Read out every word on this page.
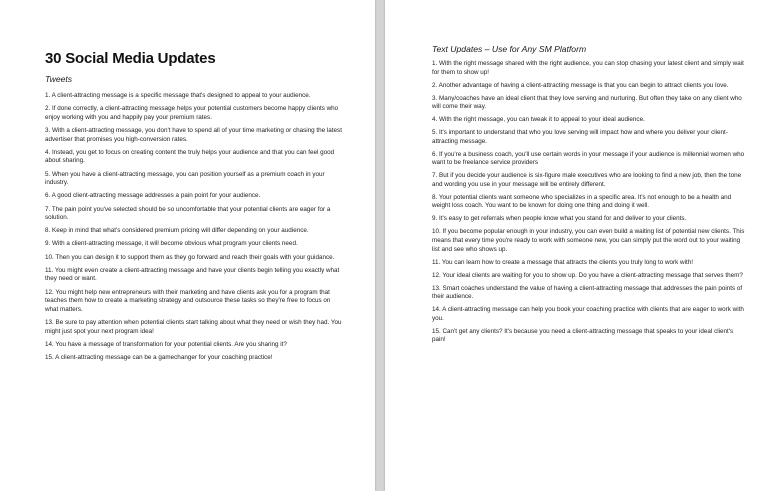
30 Social Media Updates
Tweets

1. A client-attracting message is a specific message that's designed to appeal to your audience.

2. If done correctly, a client-attracting message helps your potential customers become happy clients who enjoy working with you and happily pay your premium rates.

3. With a client-attracting message, you don't have to spend all of your time marketing or chasing the latest advertiser that promises you high-conversion rates.

4. Instead, you get to focus on creating content the truly helps your audience and that you can feel good about sharing.

5. When you have a client-attracting message, you can position yourself as a premium coach in your industry.

6. A good client-attracting message addresses a pain point for your audience.

7. The pain point you've selected should be so uncomfortable that your potential clients are eager for a solution.

8. Keep in mind that what's considered premium pricing will differ depending on your audience.

9. With a client-attracting message, it will become obvious what program your clients need.

10. Then you can design it to support them as they go forward and reach their goals with your guidance.

11. You might even create a client-attracting message and have your clients begin telling you exactly what they need or want.

12. You might help new entrepreneurs with their marketing and have clients ask you for a program that teaches them how to create a marketing strategy and outsource these tasks so they're free to focus on what matters.

13. Be sure to pay attention when potential clients start talking about what they need or wish they had. You might just spot your next program idea!

14. You have a message of transformation for your potential clients. Are you sharing it?

15. A client-attracting message can be a gamechanger for your coaching practice!

Text Updates – Use for Any SM Platform

1. With the right message shared with the right audience, you can stop chasing your latest client and simply wait for them to show up!

2. Another advantage of having a client-attracting message is that you can begin to attract clients you love.

3. Many/coaches have an ideal client that they love serving and nurturing. But often they take on any client who will come their way.

4. With the right message, you can tweak it to appeal to your ideal audience.

5. It's important to understand that who you love serving will impact how and where you deliver your client-attracting message.

6. If you're a business coach, you'll use certain words in your message if your audience is millennial women who want to be freelance service providers

7. But if you decide your audience is six-figure male executives who are looking to find a new job, then the tone and wording you use in your message will be entirely different.

8. Your potential clients want someone who specializes in a specific area. It's not enough to be a health and weight loss coach. You want to be known for doing one thing and doing it well.

9. It's easy to get referrals when people know what you stand for and deliver to your clients.

10. If you become popular enough in your industry, you can even build a waiting list of potential new clients. This means that every time you're ready to work with someone new, you can simply put the word out to your waiting list and see who shows up.

11. You can learn how to create a message that attracts the clients you truly long to work with!

12. Your ideal clients are waiting for you to show up. Do you have a client-attracting message that serves them?

13. Smart coaches understand the value of having a client-attracting message that addresses the pain points of their audience.

14. A client-attracting message can help you book your coaching practice with clients that are eager to work with you.

15. Can't get any clients? It's because you need a client-attracting message that speaks to your ideal client's pain!
